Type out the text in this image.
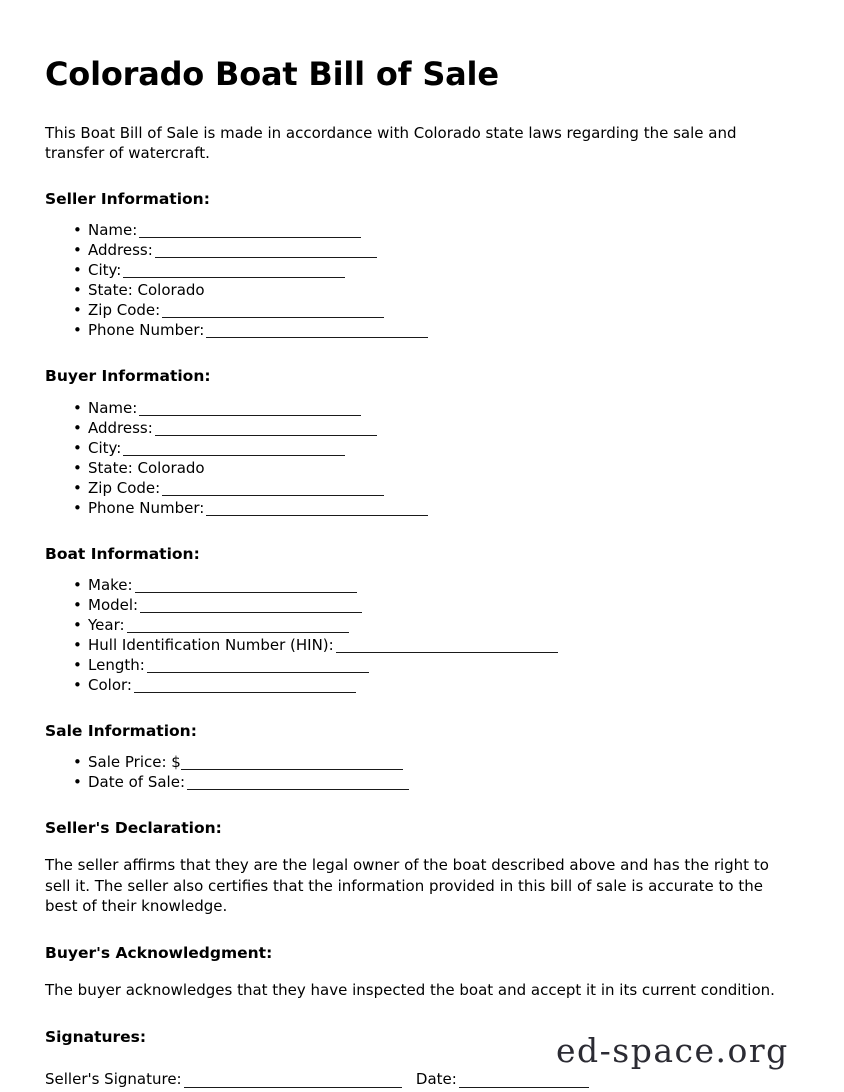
Colorado Boat Bill of Sale

This Boat Bill of Sale is made in accordance with Colorado state laws regarding the sale and transfer of watercraft.

Seller Information:
• Name:
• Address:
• City:
• State: Colorado
• Zip Code:
• Phone Number:
Buyer Information:
• Name:
• Address:
• City:
• State: Colorado
• Zip Code:
• Phone Number:
Boat Information:
• Make:
• Model:
• Year:
• Hull Identification Number (HIN):
• Length:
• Color:
Sale Information:
• Sale Price: $
• Date of Sale:
Seller's Declaration:

The seller affirms that they are the legal owner of the boat described above and has the right to sell it. The seller also certifies that the information provided in this bill of sale is accurate to the best of their knowledge.

Buyer's Acknowledgment:

The buyer acknowledges that they have inspected the boat and accept it in its current condition.

Signatures:
Seller's Signature:	Date:
ed-space.org
